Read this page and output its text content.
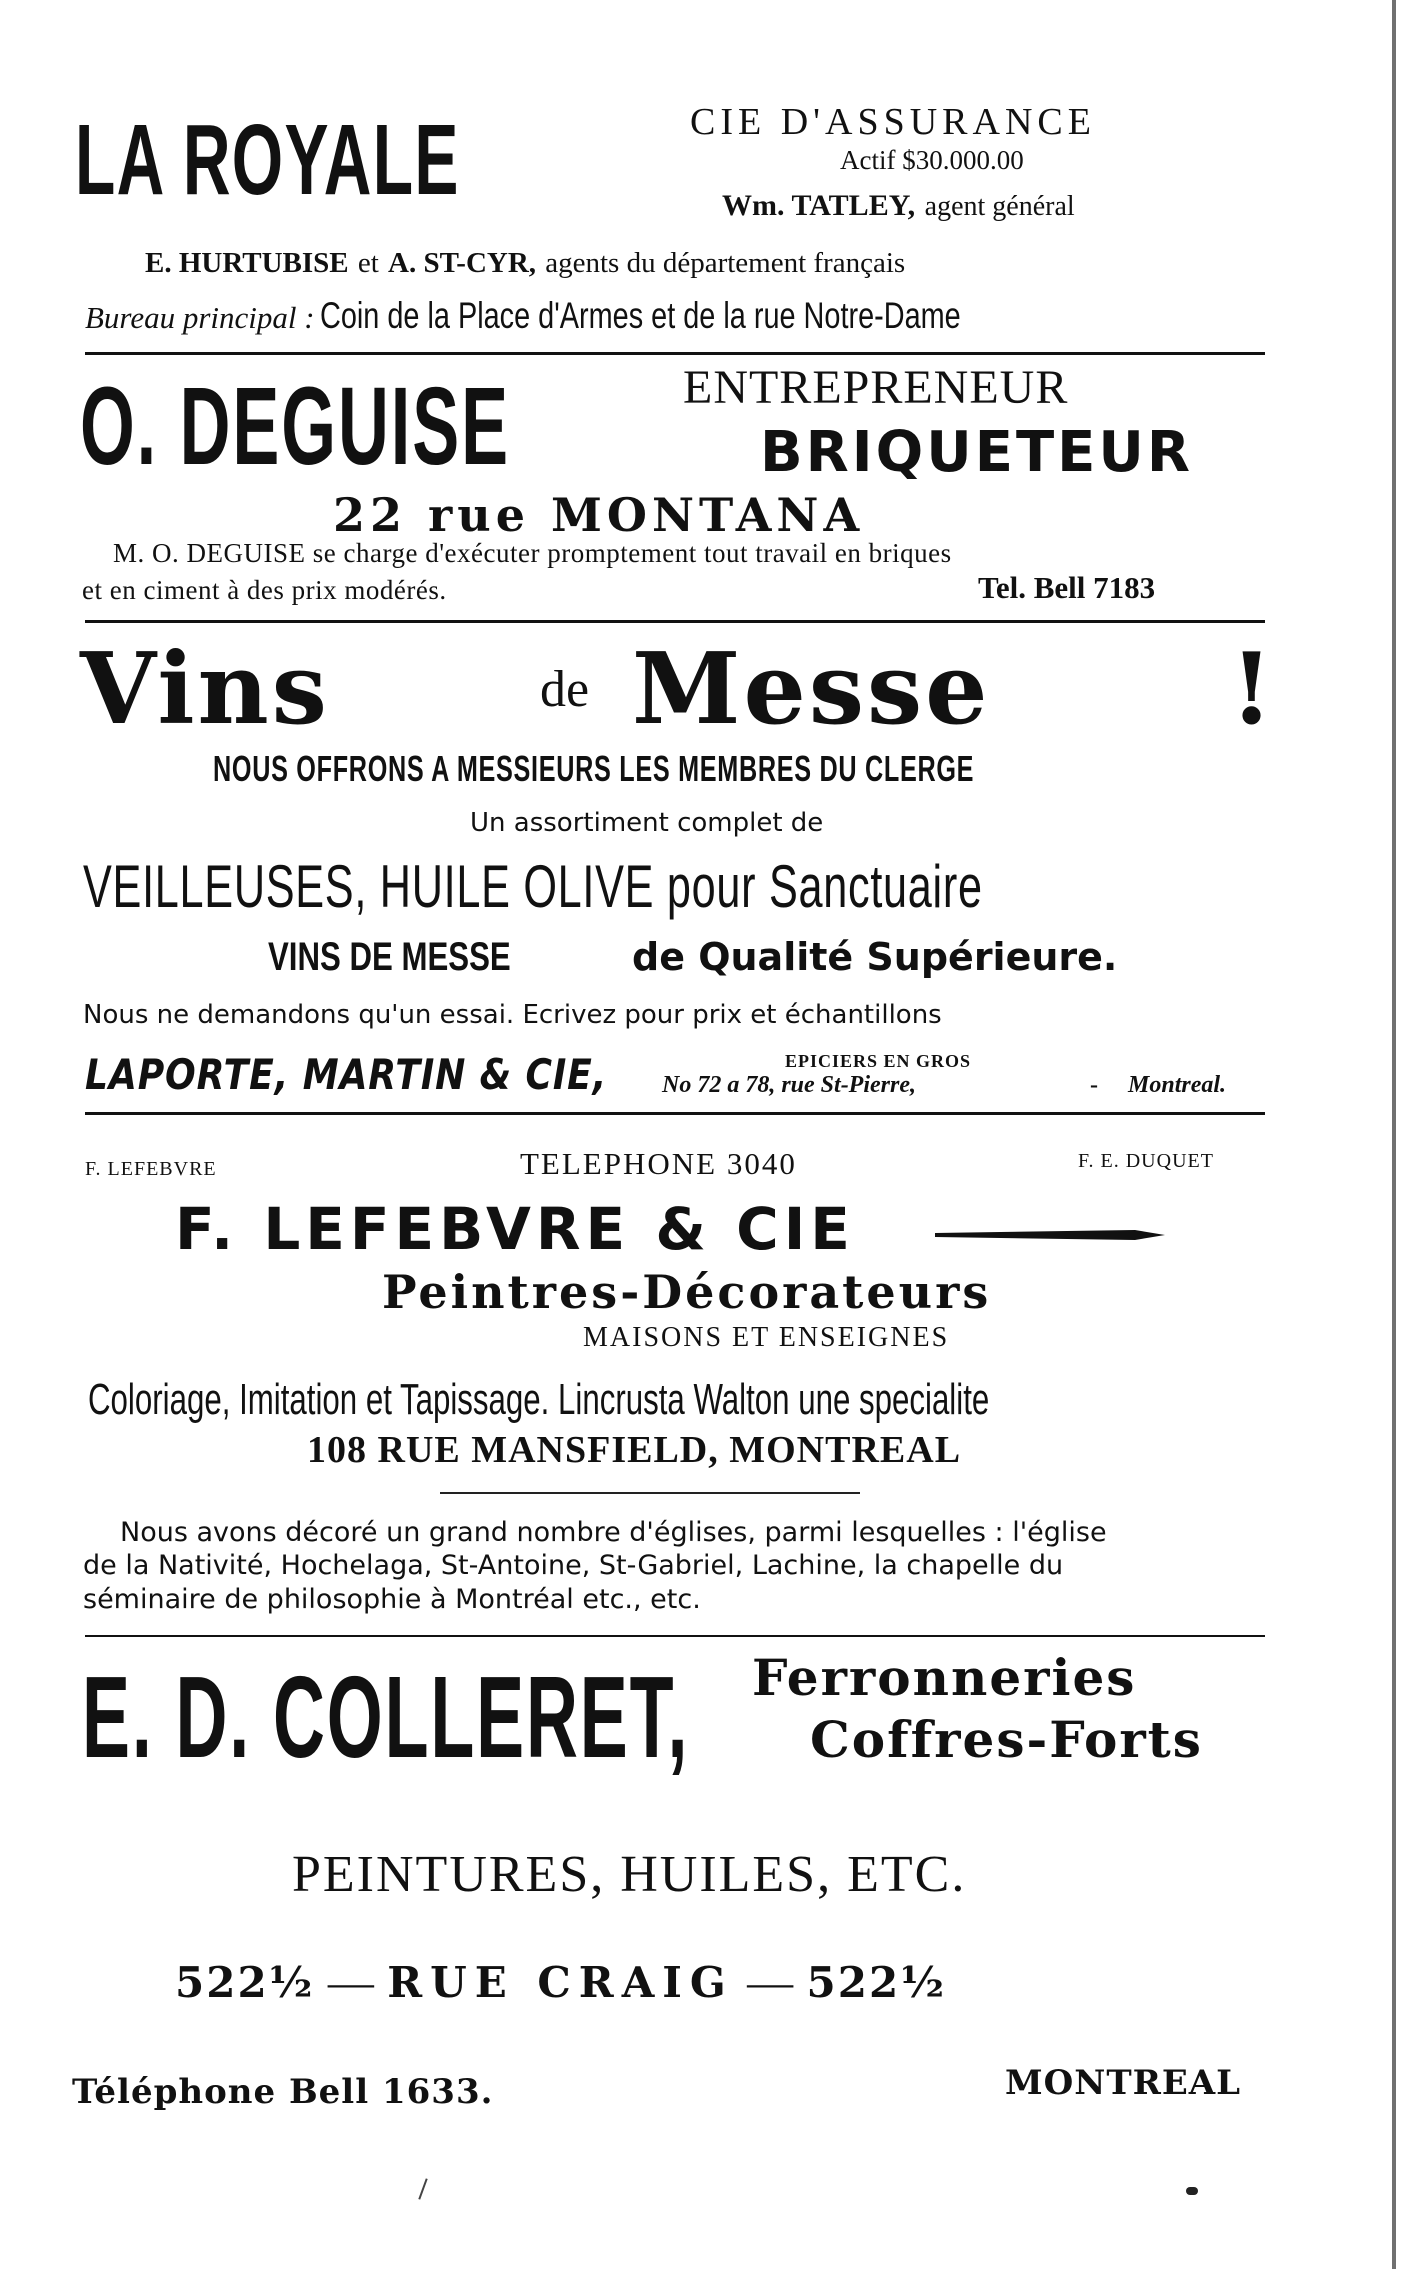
LA ROYALE	CIE D'ASSURANCE
Actif $30.000.00
Wm. TATLEY, agent général
E. HURTUBISE et A. ST-CYR, agents du département français
Bureau principal : Coin de la Place d'Armes et de la rue Notre-Dame
O. DEGUISE	ENTREPRENEUR
BRIQUETEUR
22 rue MONTANA
M. O. DEGUISE se charge d'exécuter promptement tout travail en briques
et en ciment à des prix modérés.	Tel. Bell 7183
Vins	de Messe !
NOUS OFFRONS A MESSIEURS LES MEMBRES DU CLERGE
Un assortiment complet de
VEILLEUSES, HUILE OLIVE pour Sanctuaire
VINS DE MESSE	de Qualité Supérieure.
Nous ne demandons qu'un essai. Ecrivez pour prix et échantillons
LAPORTE, MARTIN & CIE,	EPICIERS EN GROS
No 72 a 78, rue St-Pierre,	- Montreal.
F. LEFEBVRE	TELEPHONE 3040	F. E. DUQUET
F. LEFEBVRE & CIE
Peintres-Décorateurs
MAISONS ET ENSEIGNES
Coloriage, Imitation et Tapissage. Lincrusta Walton une specialite
108 RUE MANSFIELD, MONTREAL
Nous avons décoré un grand nombre d'églises, parmi lesquelles : l'église
de la Nativité, Hochelaga, St-Antoine, St-Gabriel, Lachine, la chapelle du
séminaire de philosophie à Montréal etc., etc.
E. D. COLLERET,	Ferronneries
Coffres-Forts
PEINTURES, HUILES, ETC.
522½ — RUE CRAIG — 522½
Téléphone Bell 1633.	MONTREAL
